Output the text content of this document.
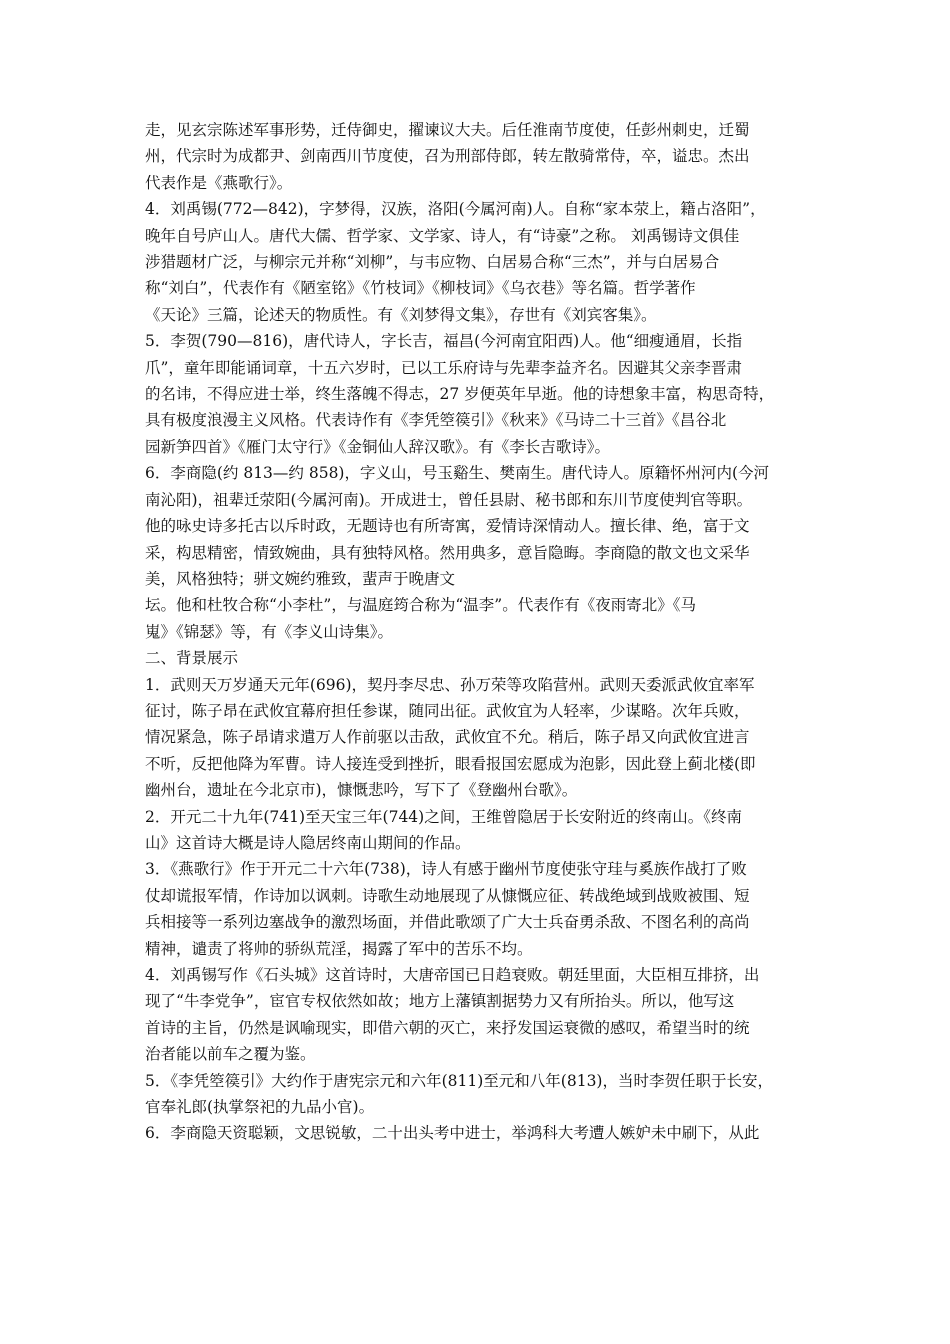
走，见玄宗陈述军事形势，迁侍御史，擢谏议大夫。后任淮南节度使，任彭州刺史，迁蜀
州，代宗时为成都尹、剑南西川节度使，召为刑部侍郎，转左散骑常侍，卒，谥忠。杰出
代表作是《燕歌行》。
4．刘禹锡(772—842)，字梦得，汉族，洛阳(今属河南)人。自称“家本荥上，籍占洛阳”，
晚年自号庐山人。唐代大儒、哲学家、文学家、诗人，有“诗豪”之称。 刘禹锡诗文俱佳
涉猎题材广泛，与柳宗元并称“刘柳”，与韦应物、白居易合称“三杰”，并与白居易合
称“刘白”，代表作有《陋室铭》《竹枝词》《柳枝词》《乌衣巷》等名篇。哲学著作
《天论》三篇，论述天的物质性。有《刘梦得文集》，存世有《刘宾客集》。
5．李贺(790—816)，唐代诗人，字长吉，福昌(今河南宜阳西)人。他“细瘦通眉，长指
爪”，童年即能诵词章，十五六岁时，已以工乐府诗与先辈李益齐名。因避其父亲李晋肃
的名讳，不得应进士举，终生落魄不得志，27 岁便英年早逝。他的诗想象丰富，构思奇特，
具有极度浪漫主义风格。代表诗作有《李凭箜篌引》《秋来》《马诗二十三首》《昌谷北
园新笋四首》《雁门太守行》《金铜仙人辞汉歌》。有《李长吉歌诗》。
6．李商隐(约 813—约 858)，字义山，号玉谿生、樊南生。唐代诗人。原籍怀州河内(今河
南沁阳)，祖辈迁荥阳(今属河南)。开成进士，曾任县尉、秘书郎和东川节度使判官等职。
他的咏史诗多托古以斥时政，无题诗也有所寄寓，爱情诗深情动人。擅长律、绝，富于文
采，构思精密，情致婉曲，具有独特风格。然用典多，意旨隐晦。李商隐的散文也文采华
美，风格独特；骈文婉约雅致，蜚声于晚唐文
坛。他和杜牧合称“小李杜”，与温庭筠合称为“温李”。代表作有《夜雨寄北》《马
嵬》《锦瑟》等，有《李义山诗集》。
二、背景展示
1．武则天万岁通天元年(696)，契丹李尽忠、孙万荣等攻陷营州。武则天委派武攸宜率军
征讨，陈子昂在武攸宜幕府担任参谋，随同出征。武攸宜为人轻率，少谋略。次年兵败，
情况紧急，陈子昂请求遣万人作前驱以击敌，武攸宜不允。稍后，陈子昂又向武攸宜进言
不听，反把他降为军曹。诗人接连受到挫折，眼看报国宏愿成为泡影，因此登上蓟北楼(即
幽州台，遗址在今北京市)，慷慨悲吟，写下了《登幽州台歌》。
2．开元二十九年(741)至天宝三年(744)之间，王维曾隐居于长安附近的终南山。《终南
山》这首诗大概是诗人隐居终南山期间的作品。
3．《燕歌行》作于开元二十六年(738)，诗人有感于幽州节度使张守珪与奚族作战打了败
仗却谎报军情，作诗加以讽刺。诗歌生动地展现了从慷慨应征、转战绝域到战败被围、短
兵相接等一系列边塞战争的激烈场面，并借此歌颂了广大士兵奋勇杀敌、不图名利的高尚
精神，谴责了将帅的骄纵荒淫，揭露了军中的苦乐不均。
4．刘禹锡写作《石头城》这首诗时，大唐帝国已日趋衰败。朝廷里面，大臣相互排挤，出
现了“牛李党争”，宦官专权依然如故；地方上藩镇割据势力又有所抬头。所以，他写这
首诗的主旨，仍然是讽喻现实，即借六朝的灭亡，来抒发国运衰微的感叹，希望当时的统
治者能以前车之覆为鉴。
5．《李凭箜篌引》大约作于唐宪宗元和六年(811)至元和八年(813)，当时李贺任职于长安，
官奉礼郎(执掌祭祀的九品小官)。
6．李商隐天资聪颖，文思锐敏，二十出头考中进士，举鸿科大考遭人嫉妒未中刷下，从此
